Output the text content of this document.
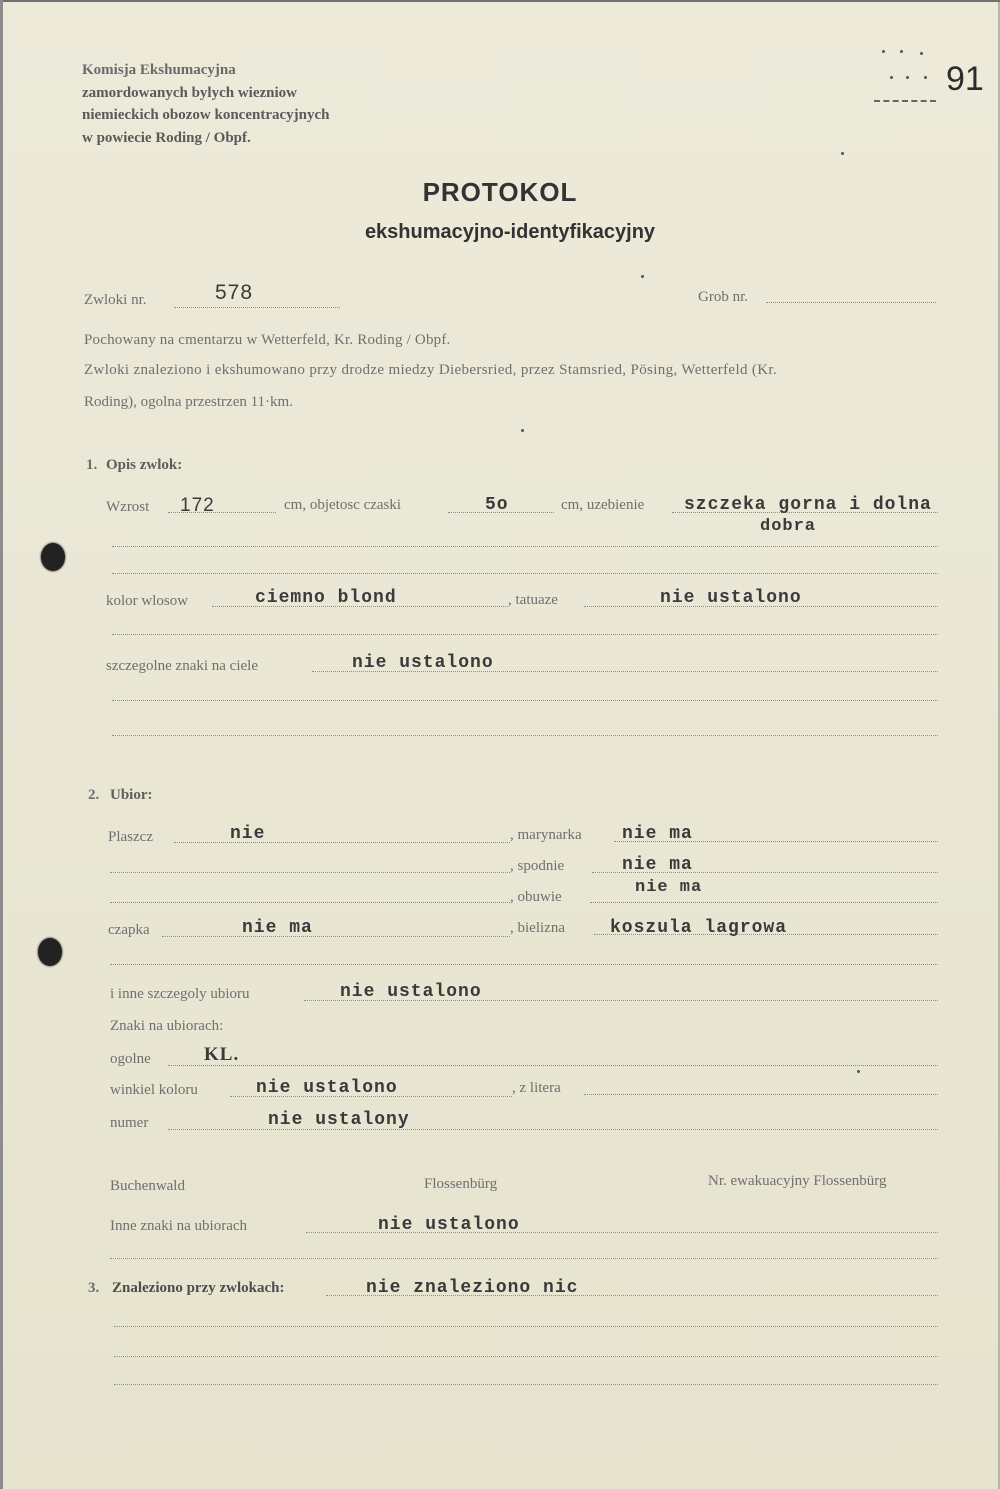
Komisja Ekshumacyjna
zamordowanych bylych wiezniow
niemieckich obozow koncentracyjnych
w powiecie Roding / Obpf.
91
PROTOKOL
ekshumacyjno-identyfikacyjny
Zwloki nr.	578	Grob nr.
Pochowany na cmentarzu w Wetterfeld, Kr. Roding / Obpf.
Zwloki znaleziono i ekshumowano przy drodze miedzy Diebersried, przez Stamsried, Pösing, Wetterfeld (Kr.
Roding), ogolna przestrzen 11·km.
1. Opis zwlok:
Wzrost 172	cm, objetosc czaski	5o	cm, uzebienie szczeka gorna i dolna
dobra
kolor wlosow	ciemno blond	, tatuaze	nie ustalono
szczegolne znaki na ciele	nie ustalono
2. Ubior:
Plaszcz	nie	, marynarka nie ma
, spodnie	nie ma
, obuwie	nie ma
czapka	nie ma	, bielizna	koszula lagrowa
i inne szczegoly ubioru	nie ustalono
Znaki na ubiorach:
ogolne	KL.
winkiel koloru	nie ustalono	, z litera
numer	nie ustalony
Buchenwald	Flossenbürg	Nr. ewakuacyjny Flossenbürg
Inne znaki na ubiorach	nie ustalono
3. Znaleziono przy zwlokach:	nie znaleziono nic
